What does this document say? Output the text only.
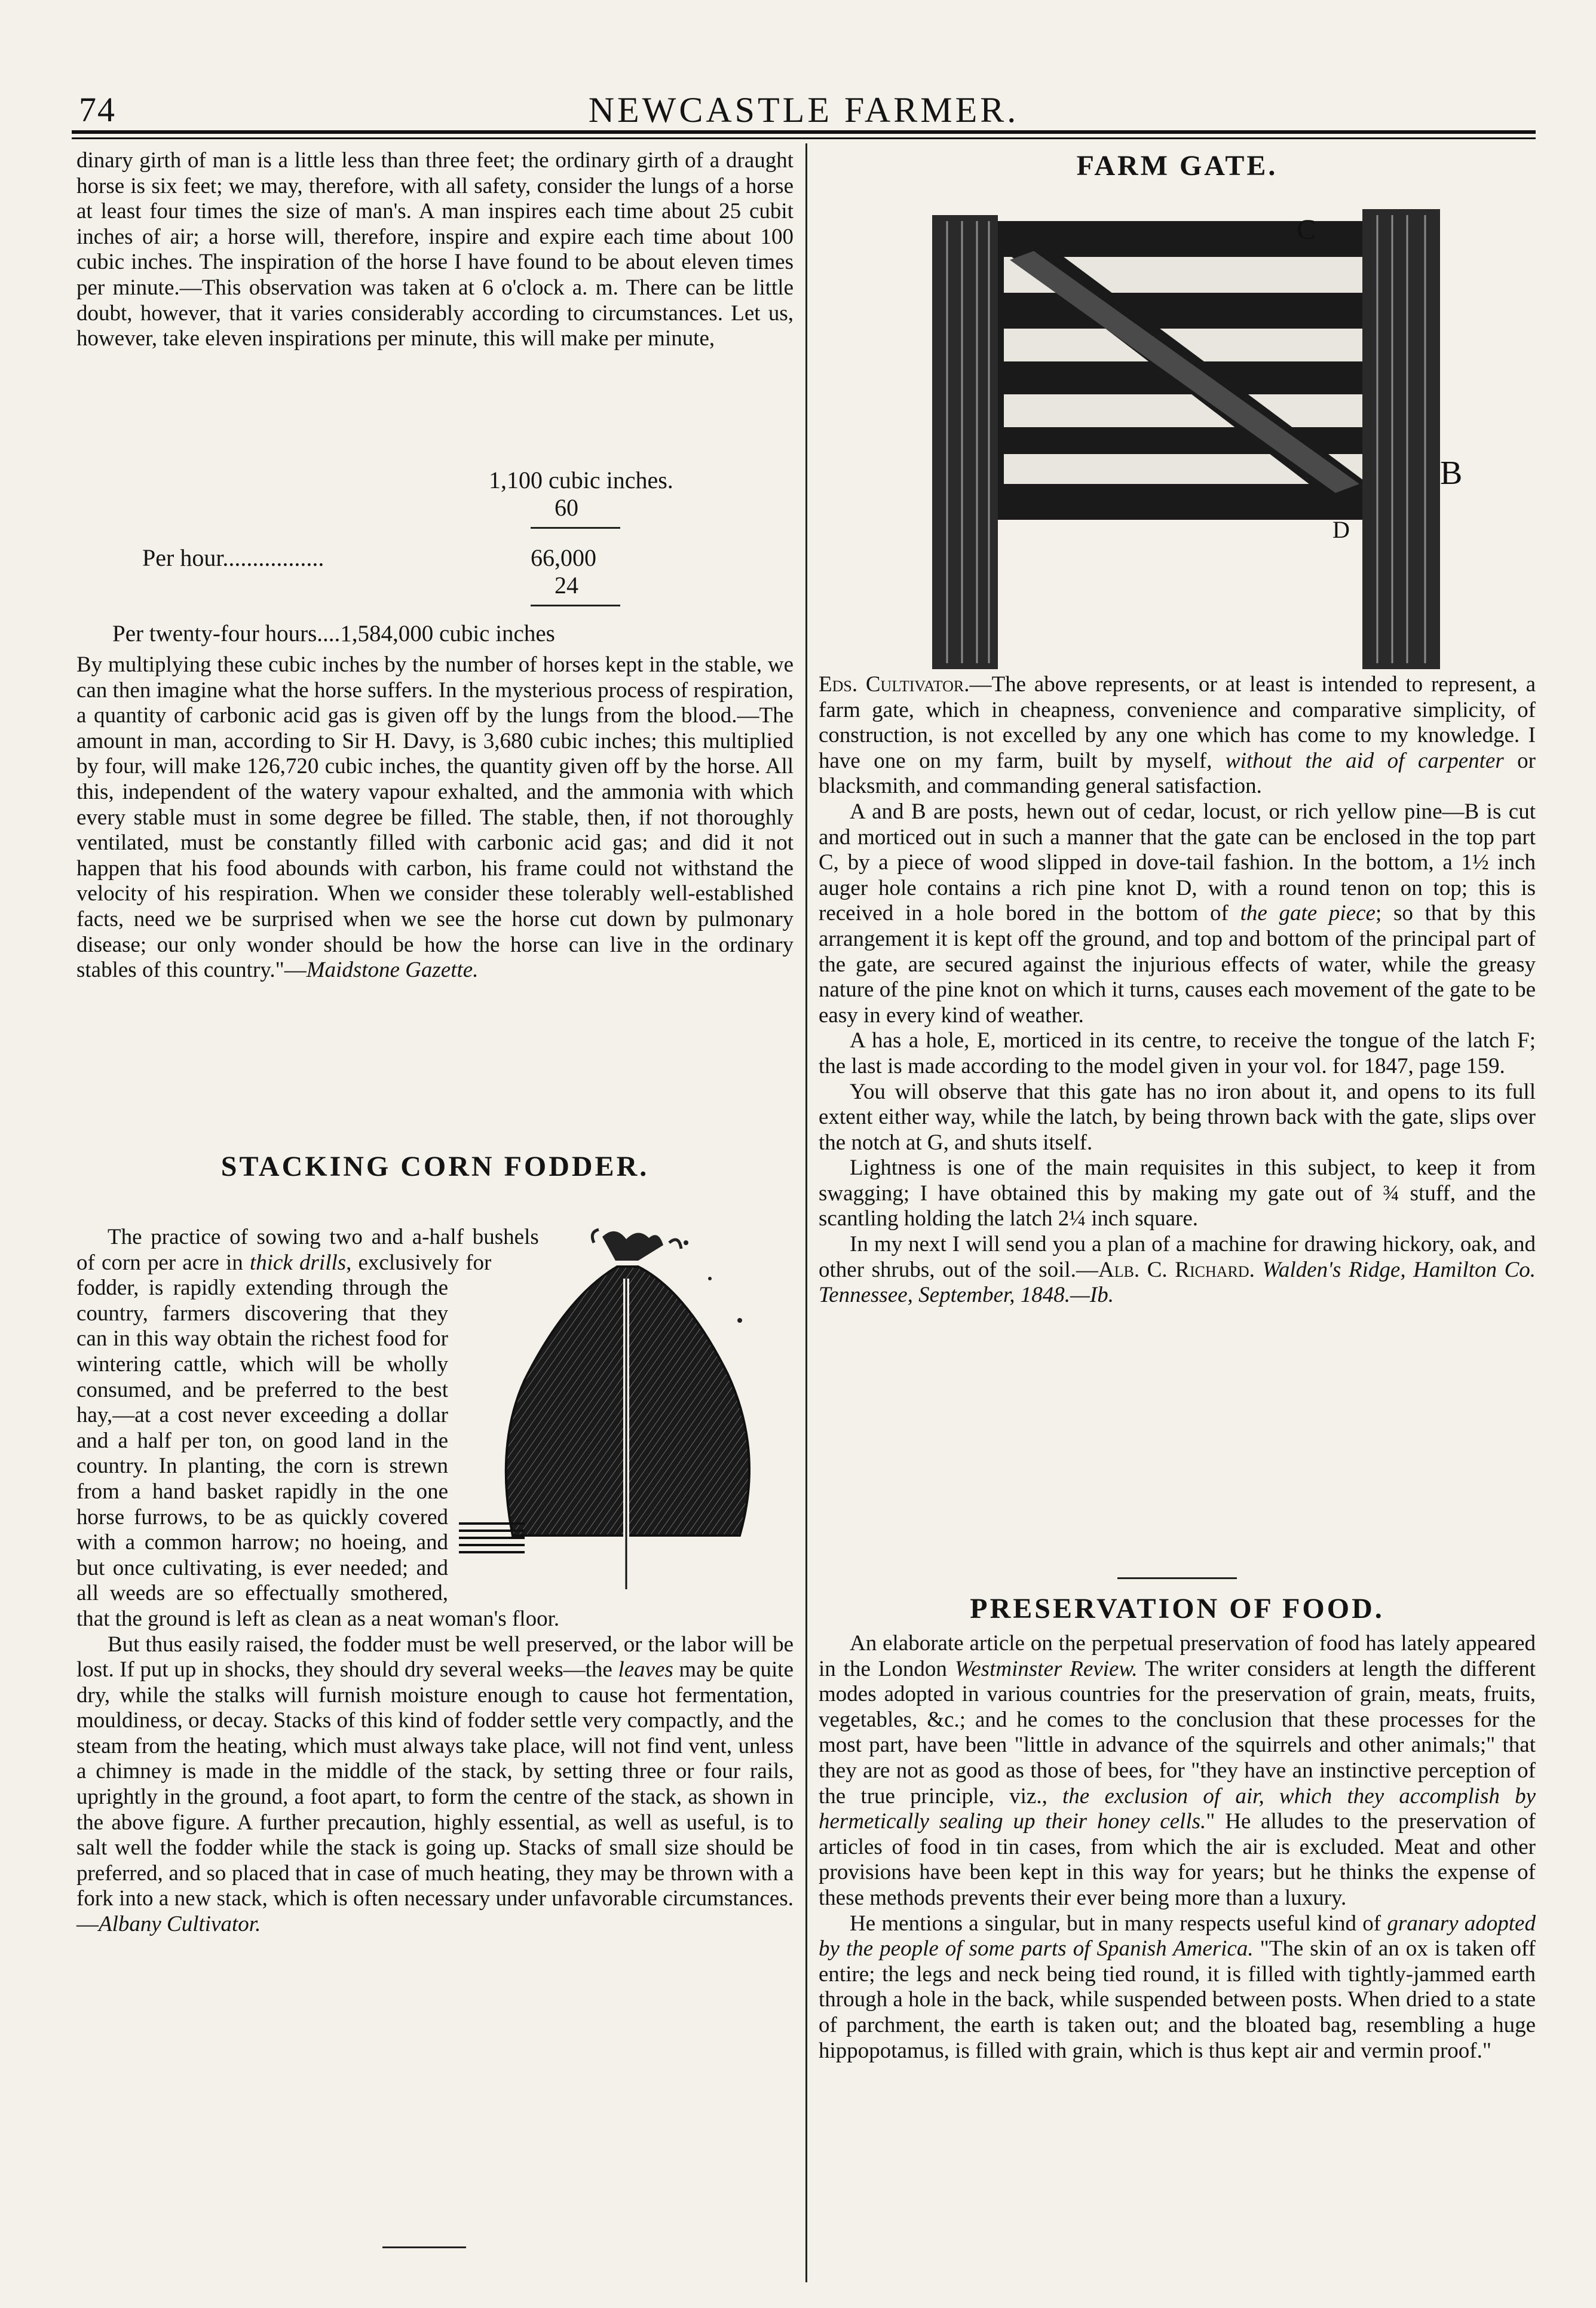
74	NEWCASTLE FARMER.

dinary girth of man is a little less than three feet; the ordinary girth of a draught horse is six feet; we may, therefore, with all safety, consider the lungs of a horse at least four times the size of man's. A man inspires each time about 25 cubit inches of air; a horse will, therefore, inspire and expire each time about 100 cubic inches. The inspiration of the horse I have found to be about eleven times per minute.—This observation was taken at 6 o'clock a. m. There can be little doubt, however, that it varies considerably according to circumstances. Let us, however, take eleven inspirations per minute, this will make per minute,

1,100 cubic inches.
60
Per hour.................	66,000
24
Per twenty-four hours....1,584,000 cubic inches

By multiplying these cubic inches by the number of horses kept in the stable, we can then imagine what the horse suffers. In the mysterious process of respiration, a quantity of carbonic acid gas is given off by the lungs from the blood.—The amount in man, according to Sir H. Davy, is 3,680 cubic inches; this multiplied by four, will make 126,720 cubic inches, the quantity given off by the horse. All this, independent of the watery vapour exhalted, and the ammonia with which every stable must in some degree be filled. The stable, then, if not thoroughly ventilated, must be constantly filled with carbonic acid gas; and did it not happen that his food abounds with carbon, his frame could not withstand the velocity of his respiration. When we consider these tolerably well-established facts, need we be surprised when we see the horse cut down by pulmonary disease; our only wonder should be how the horse can live in the ordinary stables of this country."—Maidstone Gazette.

STACKING CORN FODDER.

The practice of sowing two and a-half bushels of corn per acre in thick drills, exclusively for fodder, is rapidly extending through the country, farmers discovering that they can in this way obtain the richest food for wintering cattle, which will be wholly consumed, and be preferred to the best hay,—at a cost never exceeding a dollar and a half per ton, on good land in the country. In planting, the corn is strewn from a hand basket rapidly in the one horse furrows, to be as quickly covered with a common harrow; no hoeing, and but once cultivating, is ever needed; and all weeds are so effectually smothered, that the ground is left as clean as a neat woman's floor.

But thus easily raised, the fodder must be well preserved, or the labor will be lost. If put up in shocks, they should dry several weeks—the leaves may be quite dry, while the stalks will furnish moisture enough to cause hot fermentation, mouldiness, or decay. Stacks of this kind of fodder settle very compactly, and the steam from the heating, which must always take place, will not find vent, unless a chimney is made in the middle of the stack, by setting three or four rails, uprightly in the ground, a foot apart, to form the centre of the stack, as shown in the above figure. A further precaution, highly essential, as well as useful, is to salt well the fodder while the stack is going up. Stacks of small size should be preferred, and so placed that in case of much heating, they may be thrown with a fork into a new stack, which is often necessary under unfavorable circumstances.—Albany Cultivator.

FARM GATE.
C
B
D

Eds. Cultivator.—The above represents, or at least is intended to represent, a farm gate, which in cheapness, convenience and comparative simplicity, of construction, is not excelled by any one which has come to my knowledge. I have one on my farm, built by myself, without the aid of carpenter or blacksmith, and commanding general satisfaction.

A and B are posts, hewn out of cedar, locust, or rich yellow pine—B is cut and morticed out in such a manner that the gate can be enclosed in the top part C, by a piece of wood slipped in dove-tail fashion. In the bottom, a 1½ inch auger hole contains a rich pine knot D, with a round tenon on top; this is received in a hole bored in the bottom of the gate piece; so that by this arrangement it is kept off the ground, and top and bottom of the principal part of the gate, are secured against the injurious effects of water, while the greasy nature of the pine knot on which it turns, causes each movement of the gate to be easy in every kind of weather.

A has a hole, E, morticed in its centre, to receive the tongue of the latch F; the last is made according to the model given in your vol. for 1847, page 159.

You will observe that this gate has no iron about it, and opens to its full extent either way, while the latch, by being thrown back with the gate, slips over the notch at G, and shuts itself.

Lightness is one of the main requisites in this subject, to keep it from swagging; I have obtained this by making my gate out of ¾ stuff, and the scantling holding the latch 2¼ inch square.

In my next I will send you a plan of a machine for drawing hickory, oak, and other shrubs, out of the soil.—Alb. C. Richard. Walden's Ridge, Hamilton Co. Tennessee, September, 1848.—Ib.

PRESERVATION OF FOOD.

An elaborate article on the perpetual preservation of food has lately appeared in the London Westminster Review. The writer considers at length the different modes adopted in various countries for the preservation of grain, meats, fruits, vegetables, &c.; and he comes to the conclusion that these processes for the most part, have been "little in advance of the squirrels and other animals;" that they are not as good as those of bees, for "they have an instinctive perception of the true principle, viz., the exclusion of air, which they accomplish by hermetically sealing up their honey cells." He alludes to the preservation of articles of food in tin cases, from which the air is excluded. Meat and other provisions have been kept in this way for years; but he thinks the expense of these methods prevents their ever being more than a luxury.

He mentions a singular, but in many respects useful kind of granary adopted by the people of some parts of Spanish America. "The skin of an ox is taken off entire; the legs and neck being tied round, it is filled with tightly-jammed earth through a hole in the back, while suspended between posts. When dried to a state of parchment, the earth is taken out; and the bloated bag, resembling a huge hippopotamus, is filled with grain, which is thus kept air and vermin proof."
